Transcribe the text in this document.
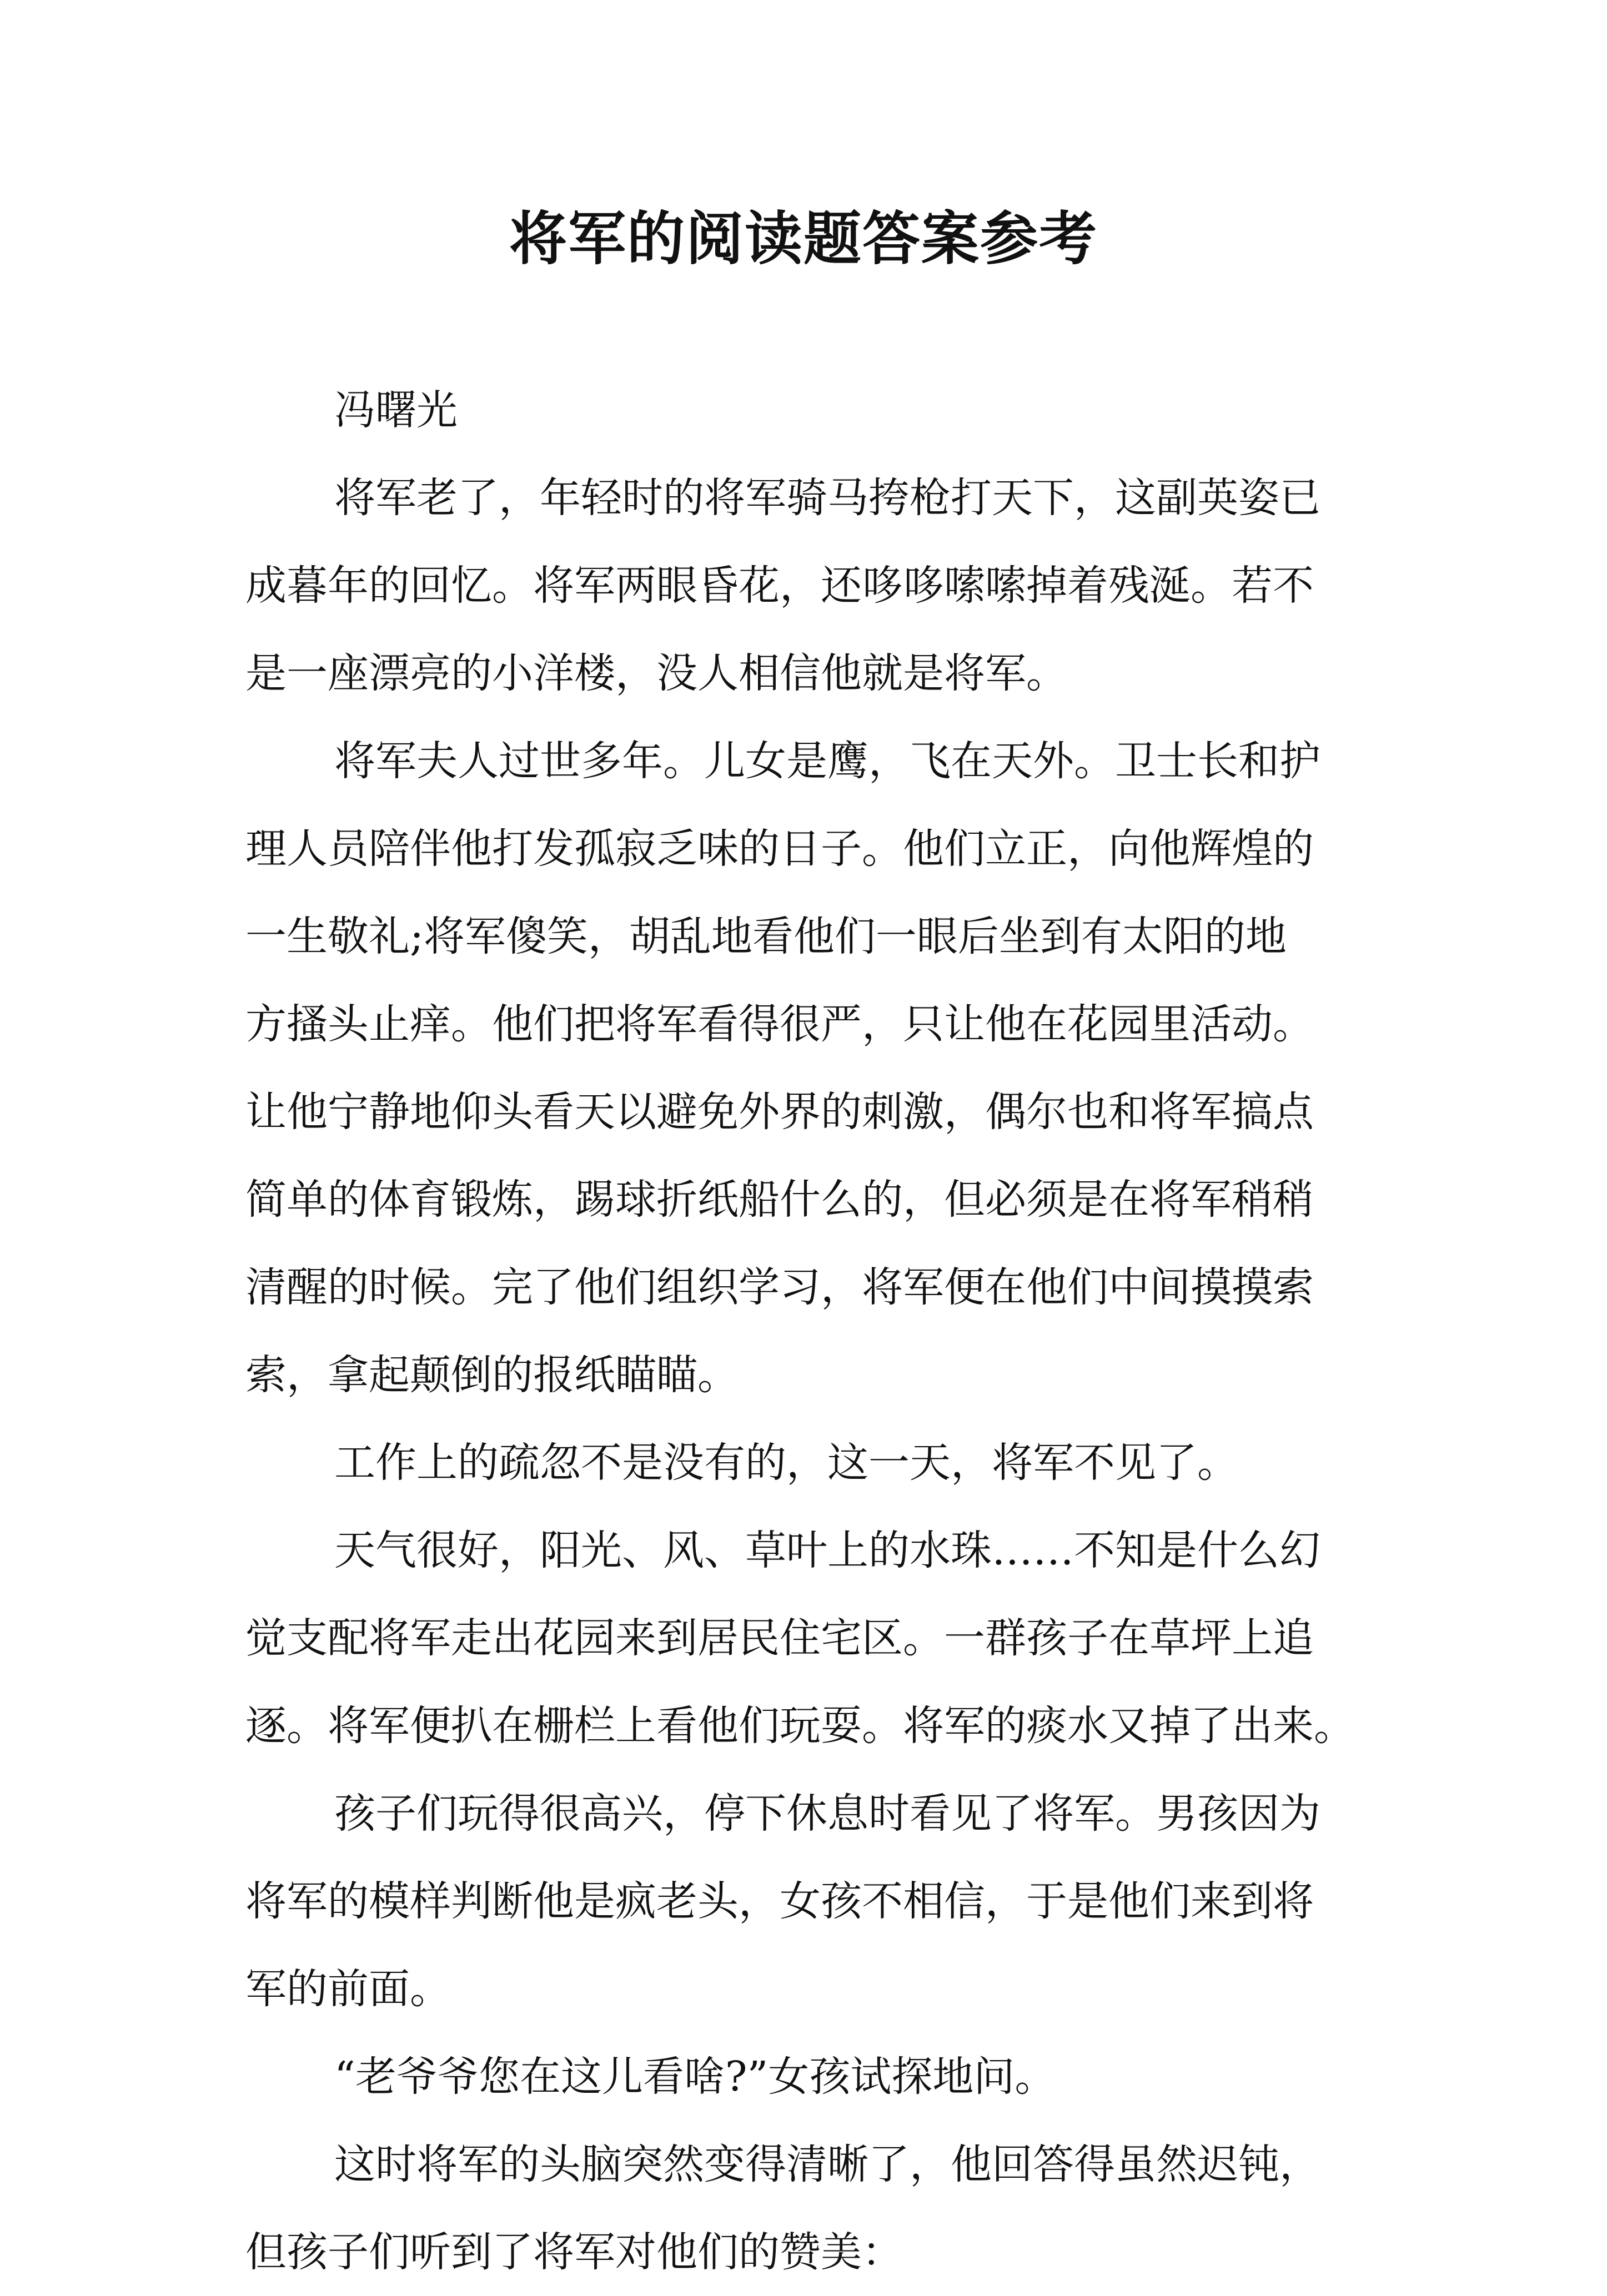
将军的阅读题答案参考

冯曙光

将军老了，年轻时的将军骑马挎枪打天下，这副英姿已

成暮年的回忆。将军两眼昏花，还哆哆嗦嗦掉着残涎。若不

是一座漂亮的小洋楼，没人相信他就是将军。

将军夫人过世多年。儿女是鹰，飞在天外。卫士长和护

理人员陪伴他打发孤寂乏味的日子。他们立正，向他辉煌的

一生敬礼;将军傻笑，胡乱地看他们一眼后坐到有太阳的地

方搔头止痒。他们把将军看得很严，只让他在花园里活动。

让他宁静地仰头看天以避免外界的刺激，偶尔也和将军搞点

简单的体育锻炼，踢球折纸船什么的，但必须是在将军稍稍

清醒的时候。完了他们组织学习，将军便在他们中间摸摸索

索，拿起颠倒的报纸瞄瞄。

工作上的疏忽不是没有的，这一天，将军不见了。

天气很好，阳光、风、草叶上的水珠……不知是什么幻

觉支配将军走出花园来到居民住宅区。一群孩子在草坪上追

逐。将军便扒在栅栏上看他们玩耍。将军的痰水又掉了出来。

孩子们玩得很高兴，停下休息时看见了将军。男孩因为

将军的模样判断他是疯老头，女孩不相信，于是他们来到将

军的前面。

“老爷爷您在这儿看啥?”女孩试探地问。

这时将军的头脑突然变得清晰了，他回答得虽然迟钝，

但孩子们听到了将军对他们的赞美：
